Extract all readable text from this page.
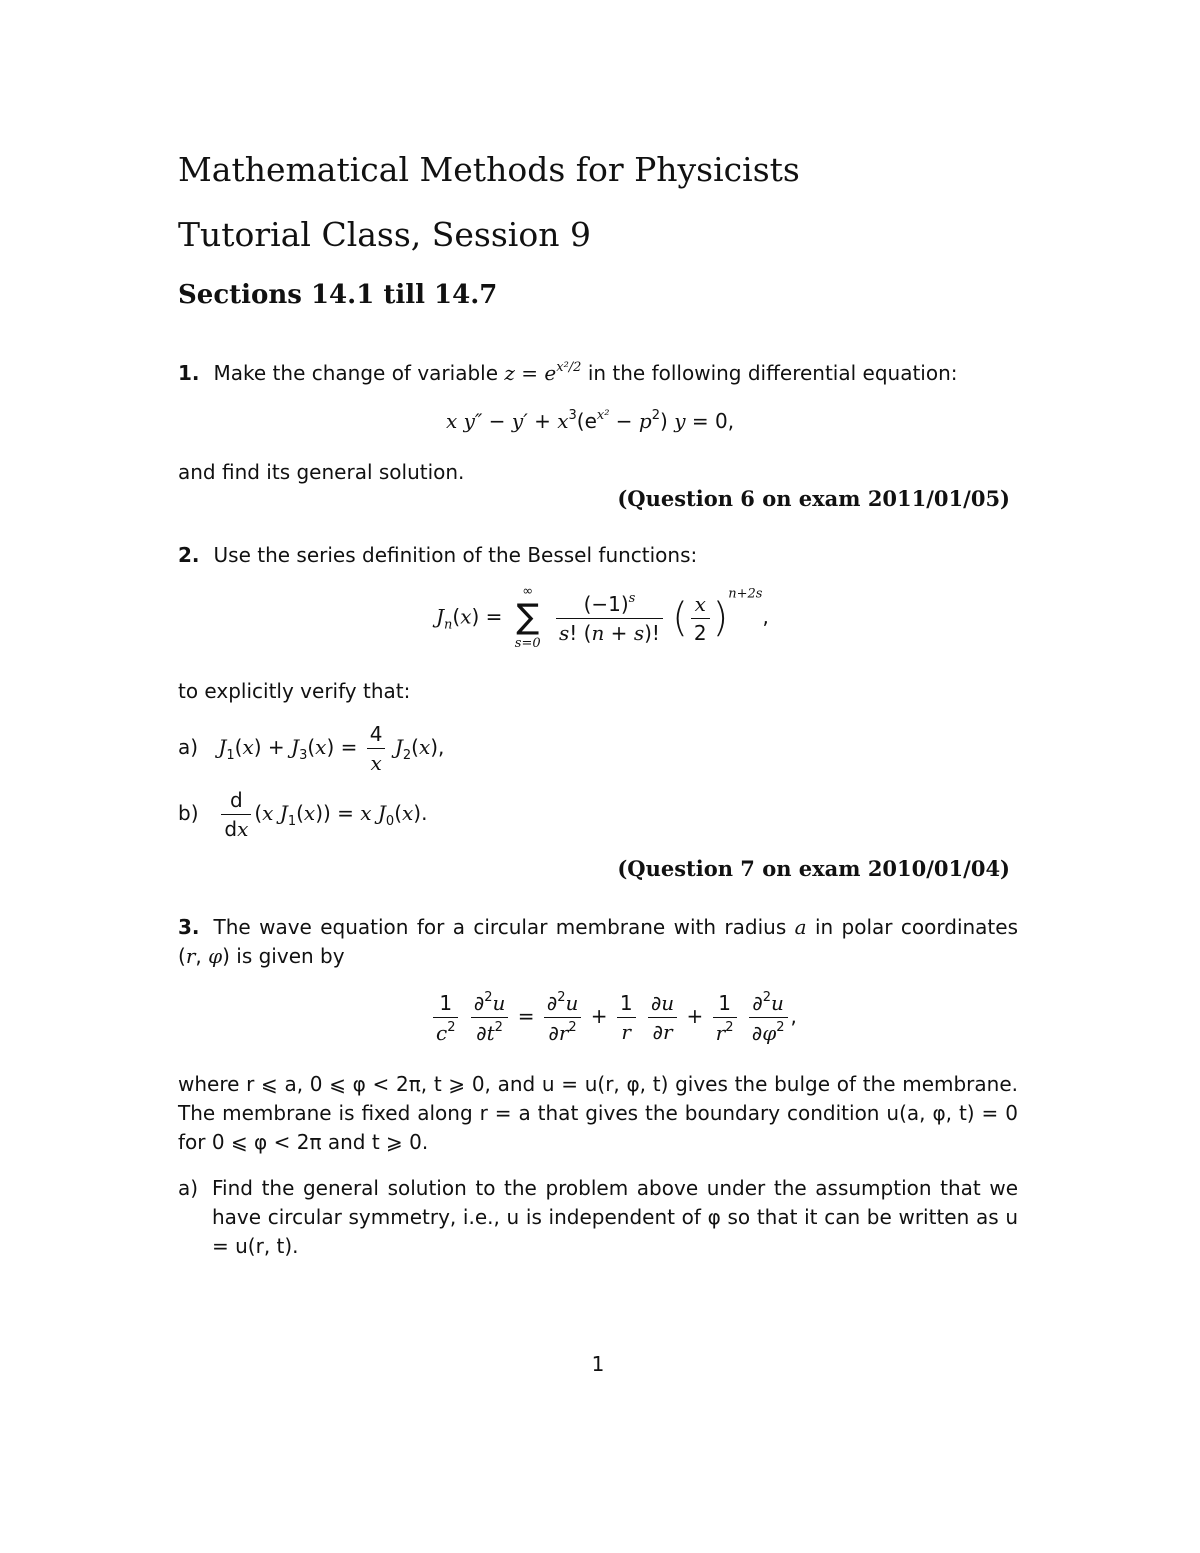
Mathematical Methods for Physicists
Tutorial Class, Session 9
Sections 14.1 till 14.7
1. Make the change of variable $z = e^{x^2/2}$ in the following differential equation:
x $y'' - y' + x^3(e^{x^2} - p^2) y = 0$,
and find its general solution.
(Question 6 on exam 2011/01/05)
2. Use the series definition of the Bessel functions:
$J_n(x)$ =
∞
∑
s=0
$\frac{(-1)^s}{s! (n + s)!}$ ( $\frac{x}{2} )^{n+2s}$,
to explicitly verify that:
a) $J_1(x) + J_3(x) = \frac{4}{x} J_2(x)$,
$b) \frac{d}{dx} (x$ $J_1(x)) = x$ $J_0(x)$.
(Question 7 on exam 2010/01/04)
3. The wave equation for a circular membrane with radius a in polar coordinates (r, φ) is given by
$\frac{1}{c^2}$
$\frac{\partial^2u}{\partial t^2} = \frac{\partial^2u}{\partial r^2} + \frac{1}{r}$
$\frac{\partial u}{\partial r} + \frac{1}{r^2}$
$\frac{\partial^2u}{\partial\varphi^2}$ ,
where r ⩽ a, 0 ⩽ φ < 2π, t ⩾ 0, and u = u(r, φ, t) gives the bulge of the membrane. The membrane is fixed along r = a that gives the boundary condition u(a, φ, t) = 0 for 0 ⩽ φ < 2π and t ⩾ 0.
a) Find the general solution to the problem above under the assumption that we have circular symmetry, i.e., u is independent of φ so that it can be written as u = u(r, t).
1
